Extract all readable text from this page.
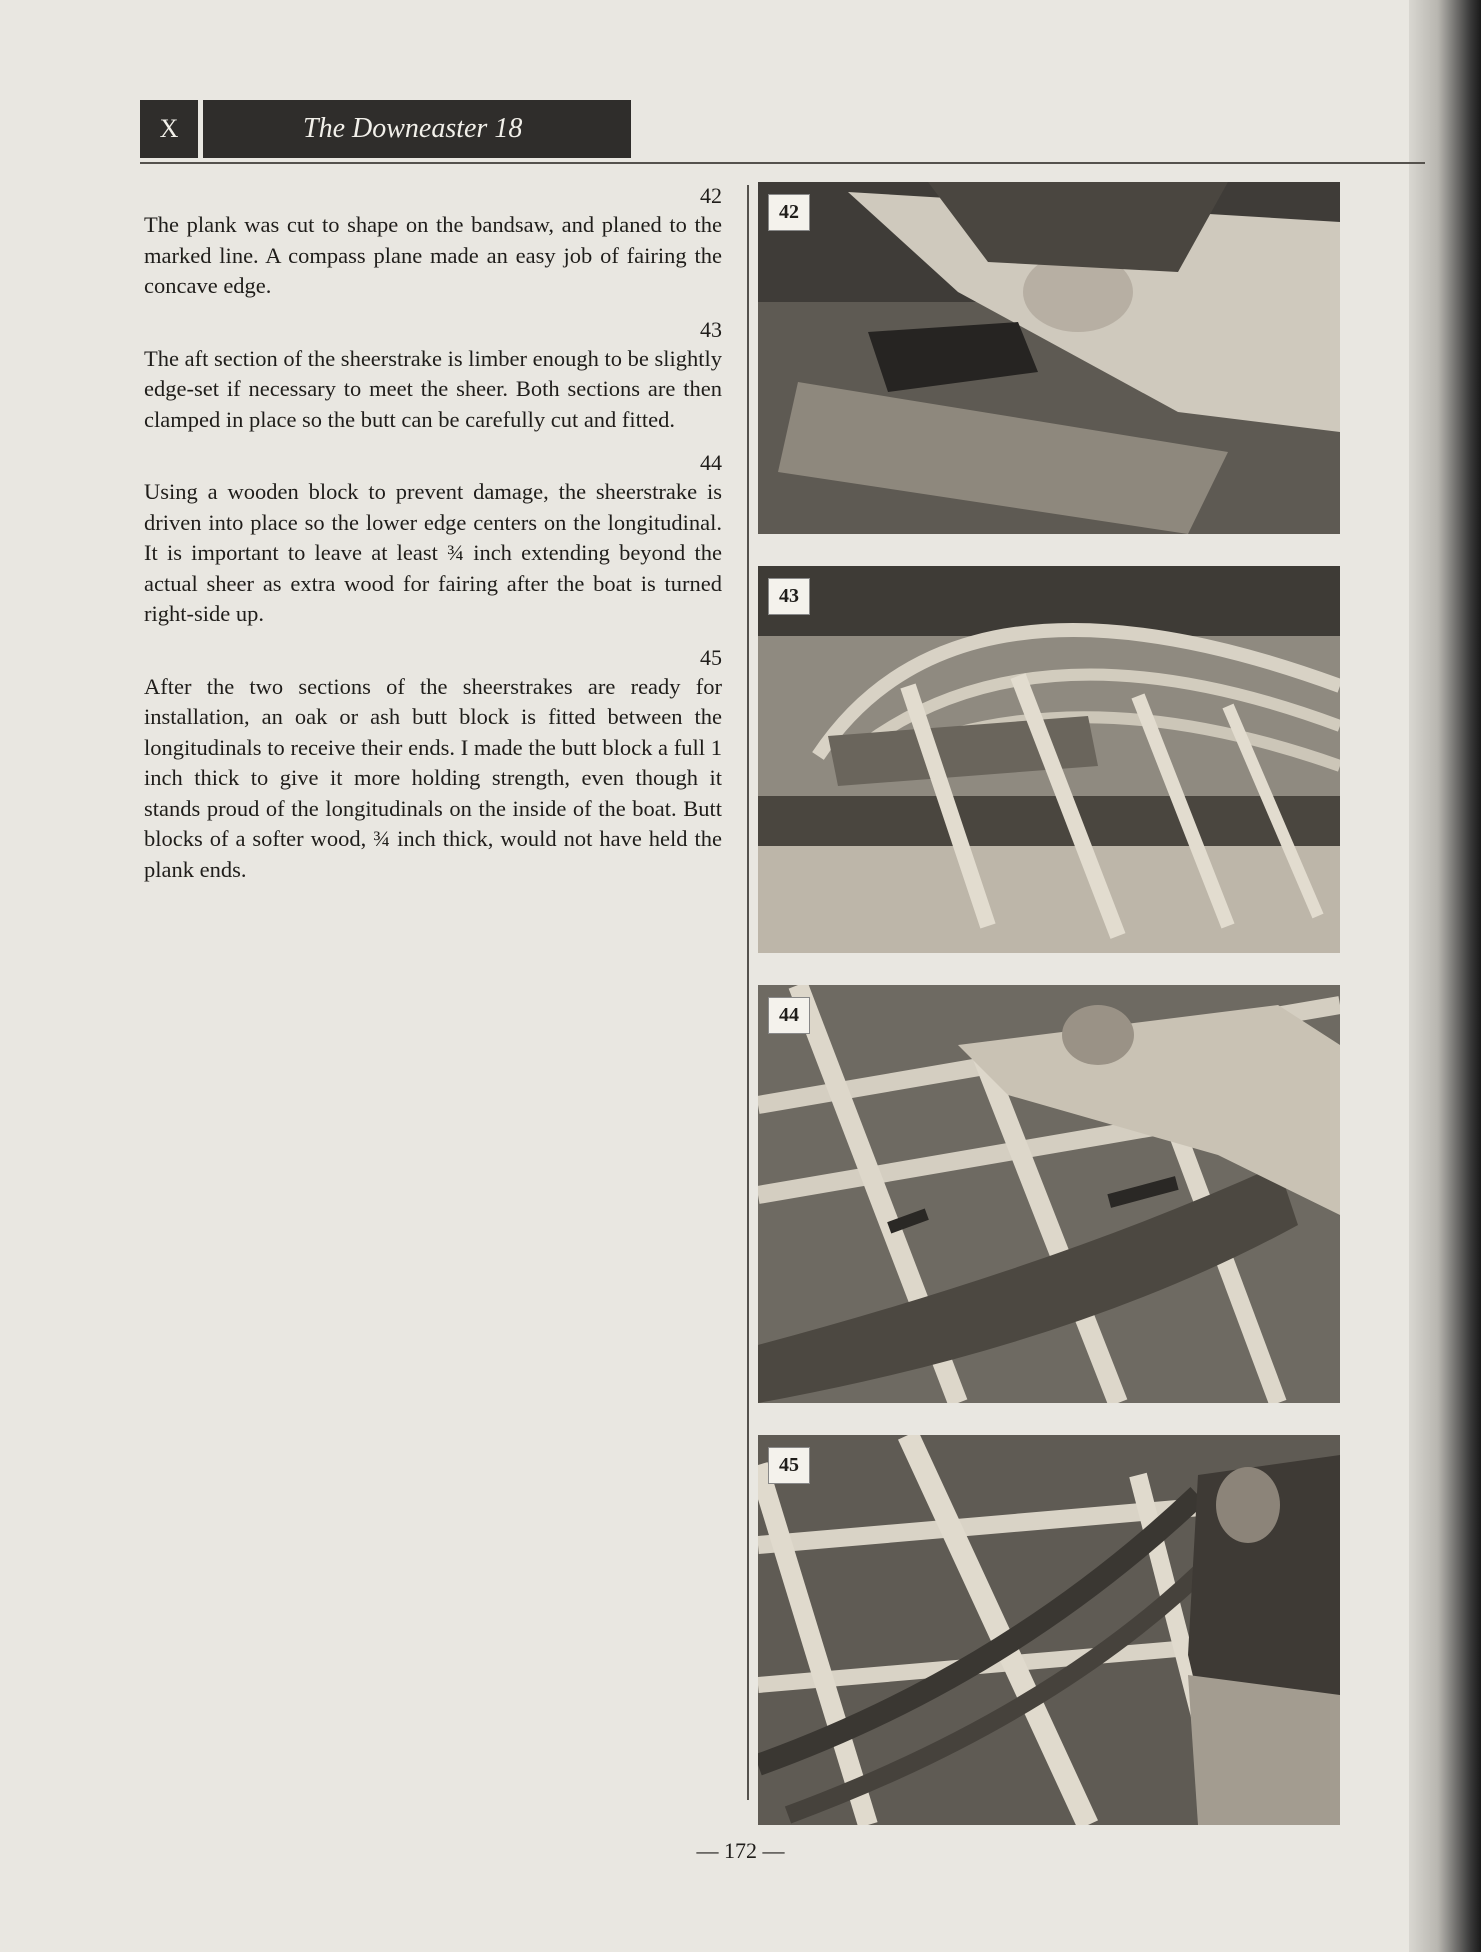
X	The Downeaster 18
42
The plank was cut to shape on the bandsaw, and planed to the marked line. A compass plane made an easy job of fairing the concave edge.
43
The aft section of the sheerstrake is limber enough to be slightly edge-set if necessary to meet the sheer. Both sections are then clamped in place so the butt can be carefully cut and fitted.
44
Using a wooden block to prevent damage, the sheerstrake is driven into place so the lower edge centers on the longitudinal. It is important to leave at least ¾ inch extending beyond the actual sheer as extra wood for fairing after the boat is turned right-side up.
45
After the two sections of the sheerstrakes are ready for installation, an oak or ash butt block is fitted between the longitudinals to receive their ends. I made the butt block a full 1 inch thick to give it more holding strength, even though it stands proud of the longitudinals on the inside of the boat. Butt blocks of a softer wood, ¾ inch thick, would not have held the plank ends.
42
43
44
45
— 172 —
